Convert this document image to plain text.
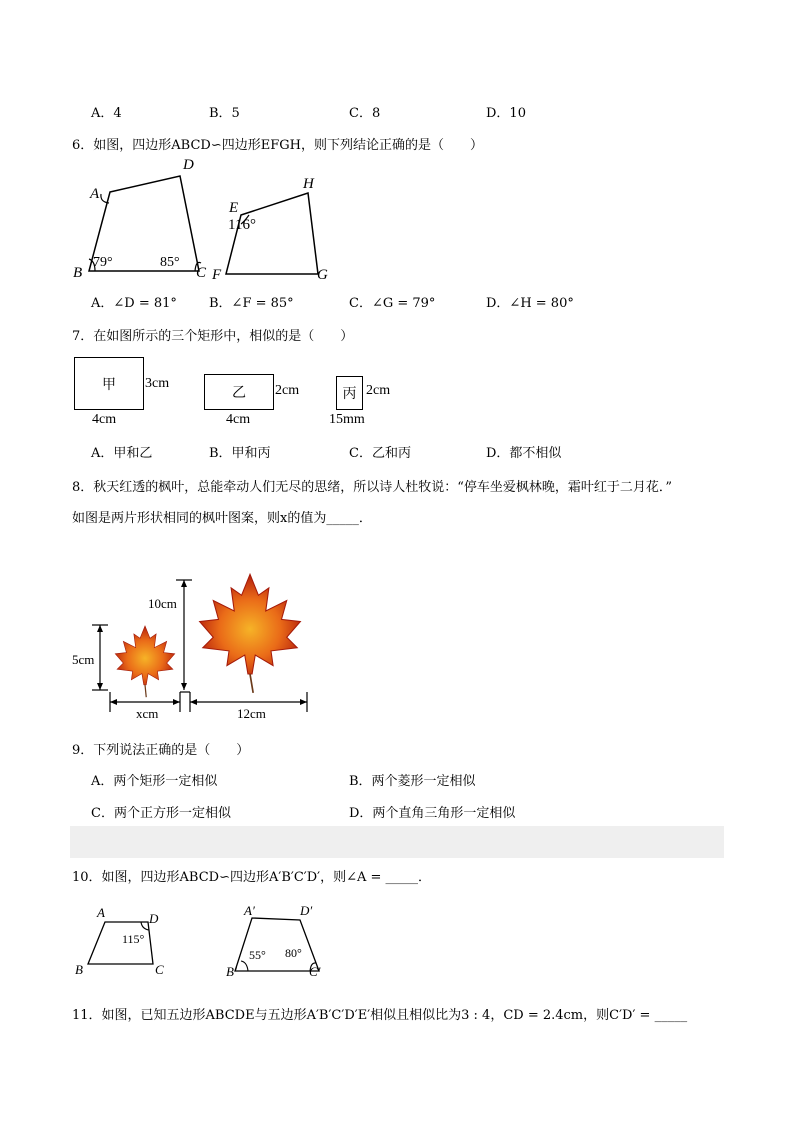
A．4	B．5	C．8	D．10
6．如图，四边形ABCD∽四边形EFGH，则下列结论正确的是（　　）
A
B	C
D
79°	85°
E
F	G
H
116°
A．∠D = 81° B．∠F = 85°	C．∠G = 79°	D．∠H = 80°
7．在如图所示的三个矩形中，相似的是（　　）
甲 3cm
4cm
乙 2cm
4cm
丙 2cm
15mm
A．甲和乙	B．甲和丙	C．乙和丙	D．都不相似
8．秋天红透的枫叶，总能牵动人们无尽的思绪，所以诗人杜牧说：“停车坐爱枫林晚，霜叶红于二月花．”
如图是两片形状相同的枫叶图案，则x的值为_____．
5cm
10cm
xcm	12cm
9．下列说法正确的是（　　）
A．两个矩形一定相似	B．两个菱形一定相似
C．两个正方形一定相似	D．两个直角三角形一定相似
10．如图，四边形ABCD∽四边形A′B′C′D′，则∠A = _____．
A
B	C
D
115°
A′
B′	C′
D′
55° 80°
11．如图，已知五边形ABCDE与五边形A′B′C′D′E′相似且相似比为3 : 4，CD = 2.4cm，则C′D′ = _____
